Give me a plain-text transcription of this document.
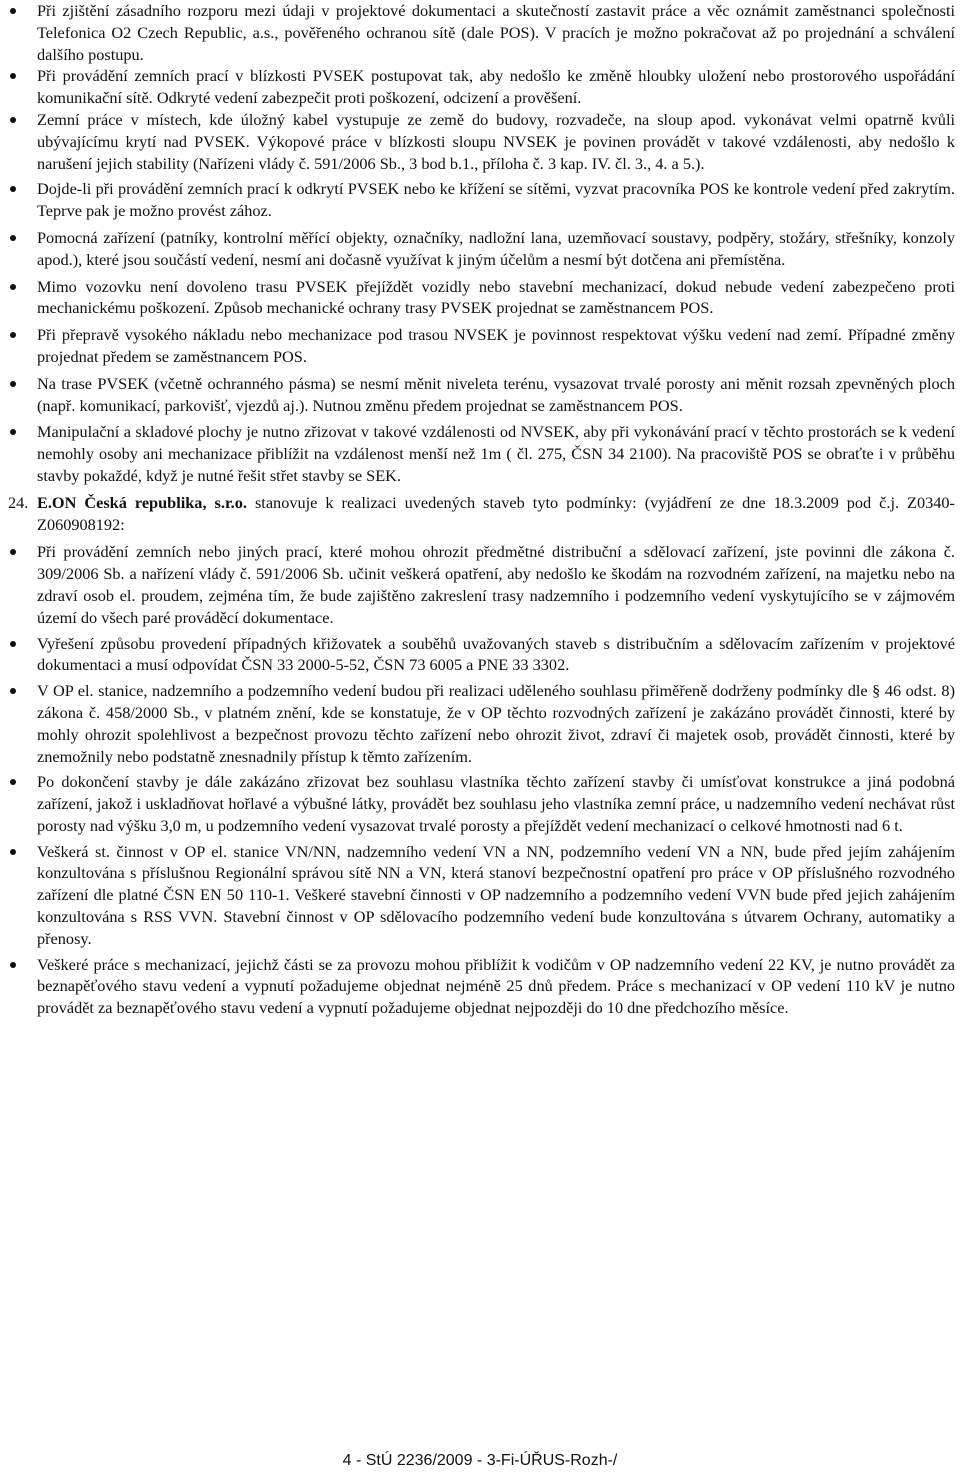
Při zjištění zásadního rozporu mezi údaji v projektové dokumentaci a skutečností zastavit práce a věc oznámit zaměstnanci společnosti Telefonica O2 Czech Republic, a.s., pověřeného ochranou sítě (dale POS). V pracích je možno pokračovat až po projednání a schválení dalšího postupu.
Při provádění zemních prací v blízkosti PVSEK postupovat tak, aby nedošlo ke změně hloubky uložení nebo prostorového uspořádání komunikační sítě. Odkryté vedení zabezpečit proti poškození, odcizení a prověšení.
Zemní práce v místech, kde úložný kabel vystupuje ze země do budovy, rozvadeče, na sloup apod. vykonávat velmi opatrně kvůli ubývajícímu krytí nad PVSEK. Výkopové práce v blízkosti sloupu NVSEK je povinen provádět v takové vzdálenosti, aby nedošlo k narušení jejich stability (Nařízeni vlády č. 591/2006 Sb., 3 bod b.1., příloha č. 3 kap. IV. čl. 3., 4. a 5.).
Dojde-li při provádění zemních prací k odkrytí PVSEK nebo ke křížení se sítěmi, vyzvat pracovníka POS ke kontrole vedení před zakrytím. Teprve pak je možno provést zához.
Pomocná zařízení (patníky, kontrolní měřící objekty, označníky, nadložní lana, uzemňovací soustavy, podpěry, stožáry, střešníky, konzoly apod.), které jsou součástí vedení, nesmí ani dočasně využívat k jiným účelům a nesmí být dotčena ani přemístěna.
Mimo vozovku není dovoleno trasu PVSEK přejíždět vozidly nebo stavební mechanizací, dokud nebude vedení zabezpečeno proti mechanickému poškození. Způsob mechanické ochrany trasy PVSEK projednat se zaměstnancem POS.
Při přepravě vysokého nákladu nebo mechanizace pod trasou NVSEK je povinnost respektovat výšku vedení nad zemí. Případné změny projednat předem se zaměstnancem POS.
Na trase PVSEK (včetně ochranného pásma) se nesmí měnit niveleta terénu, vysazovat trvalé porosty ani měnit rozsah zpevněných ploch (např. komunikací, parkovišť, vjezdů aj.). Nutnou změnu předem projednat se zaměstnancem POS.
Manipulační a skladové plochy je nutno zřizovat v takové vzdálenosti od NVSEK, aby při vykonávání prací v těchto prostorách se k vedení nemohly osoby ani mechanizace přiblížit na vzdálenost menší než 1m ( čl. 275, ČSN 34 2100). Na pracoviště POS se obraťte i v průběhu stavby pokaždé, když je nutné řešit střet stavby se SEK.
24. E.ON Česká republika, s.r.o. stanovuje k realizaci uvedených staveb tyto podmínky: (vyjádření ze dne 18.3.2009 pod č.j. Z0340-Z060908192:
Při provádění zemních nebo jiných prací, které mohou ohrozit předmětné distribuční a sdělovací zařízení, jste povinni dle zákona č. 309/2006 Sb. a nařízení vlády č. 591/2006 Sb. učinit veškerá opatření, aby nedošlo ke škodám na rozvodném zařízení, na majetku nebo na zdraví osob el. proudem, zejména tím, že bude zajištěno zakreslení trasy nadzemního i podzemního vedení vyskytujícího se v zájmovém území do všech paré prováděcí dokumentace.
Vyřešení způsobu provedení případných křižovatek a souběhů uvažovaných staveb s distribučním a sdělovacím zařízením v projektové dokumentaci a musí odpovídat ČSN 33 2000-5-52, ČSN 73 6005 a PNE 33 3302.
V OP el. stanice, nadzemního a podzemního vedení budou při realizaci uděleného souhlasu přiměřeně dodrženy podmínky dle § 46 odst. 8) zákona č. 458/2000 Sb., v platném znění, kde se konstatuje, že v OP těchto rozvodných zařízení je zakázáno provádět činnosti, které by mohly ohrozit spolehlivost a bezpečnost provozu těchto zařízení nebo ohrozit život, zdraví či majetek osob, provádět činnosti, které by znemožnily nebo podstatně znesnadnily přístup k těmto zařízením.
Po dokončení stavby je dále zakázáno zřizovat bez souhlasu vlastníka těchto zařízení stavby či umísťovat konstrukce a jiná podobná zařízení, jakož i uskladňovat hořlavé a výbušné látky, provádět bez souhlasu jeho vlastníka zemní práce, u nadzemního vedení nechávat růst porosty nad výšku 3,0 m, u podzemního vedení vysazovat trvalé porosty a přejíždět vedení mechanizací o celkové hmotnosti nad 6 t.
Veškerá st. činnost v OP el. stanice VN/NN, nadzemního vedení VN a NN, podzemního vedení VN a NN, bude před jejím zahájením konzultována s příslušnou Regionální správou sítě NN a VN, která stanoví bezpečnostní opatření pro práce v OP příslušného rozvodného zařízení dle platné ČSN EN 50 110-1. Veškeré stavební činnosti v OP nadzemního a podzemního vedení VVN bude před jejich zahájením konzultována s RSS VVN. Stavební činnost v OP sdělovacího podzemního vedení bude konzultována s útvarem Ochrany, automatiky a přenosy.
Veškeré práce s mechanizací, jejichž části se za provozu mohou přiblížit k vodičům v OP nadzemního vedení 22 KV, je nutno provádět za beznapěťového stavu vedení a vypnutí požadujeme objednat nejméně 25 dnů předem. Práce s mechanizací v OP vedení 110 kV je nutno provádět za beznapěťového stavu vedení a vypnutí požadujeme objednat nejpozději do 10 dne předchozího měsíce.
4 - StÚ 2236/2009 - 3-Fi-ÚŘUS-Rozh-/
